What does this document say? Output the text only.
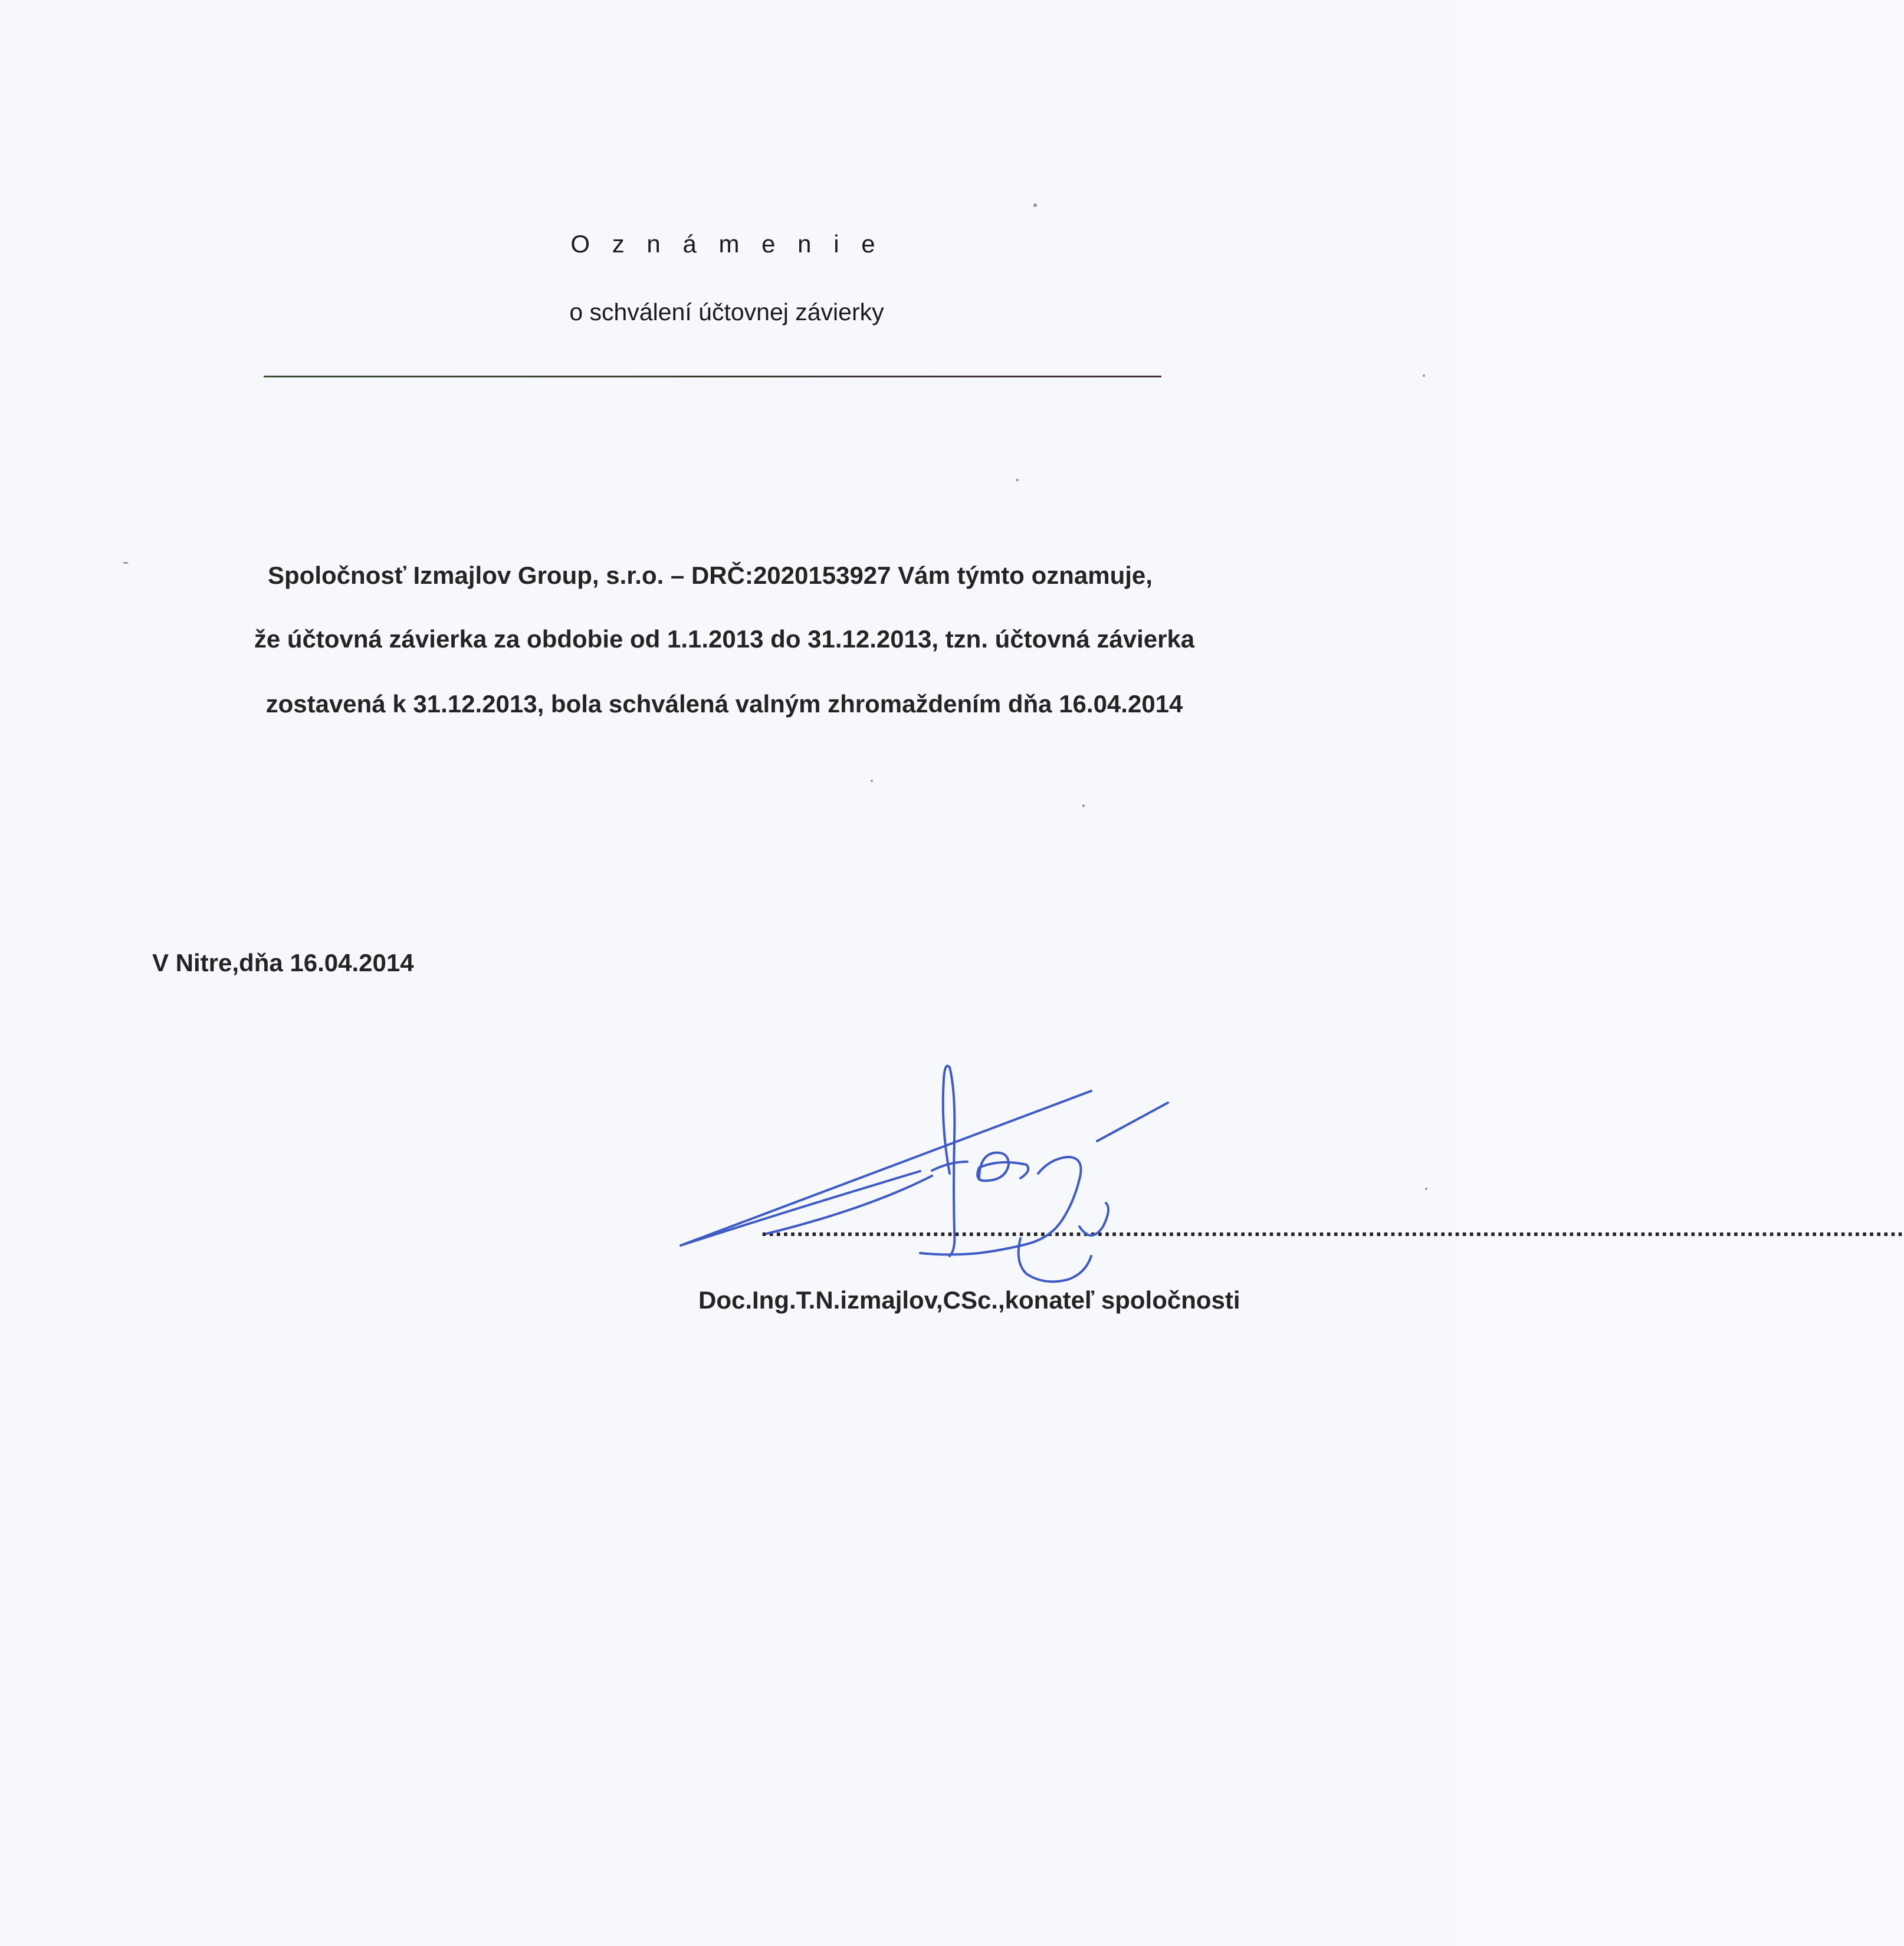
O z n á m e n i e
o schválení účtovnej závierky
Spoločnosť Izmajlov Group, s.r.o. – DRČ:2020153927 Vám týmto oznamuje,
že účtovná závierka za obdobie od 1.1.2013 do 31.12.2013, tzn. účtovná závierka
zostavená k 31.12.2013, bola schválená valným zhromaždením dňa 16.04.2014
V Nitre,dňa 16.04.2014
................................................................................................................................................................
Doc.Ing.T.N.izmajlov,CSc.,konateľ spoločnosti
